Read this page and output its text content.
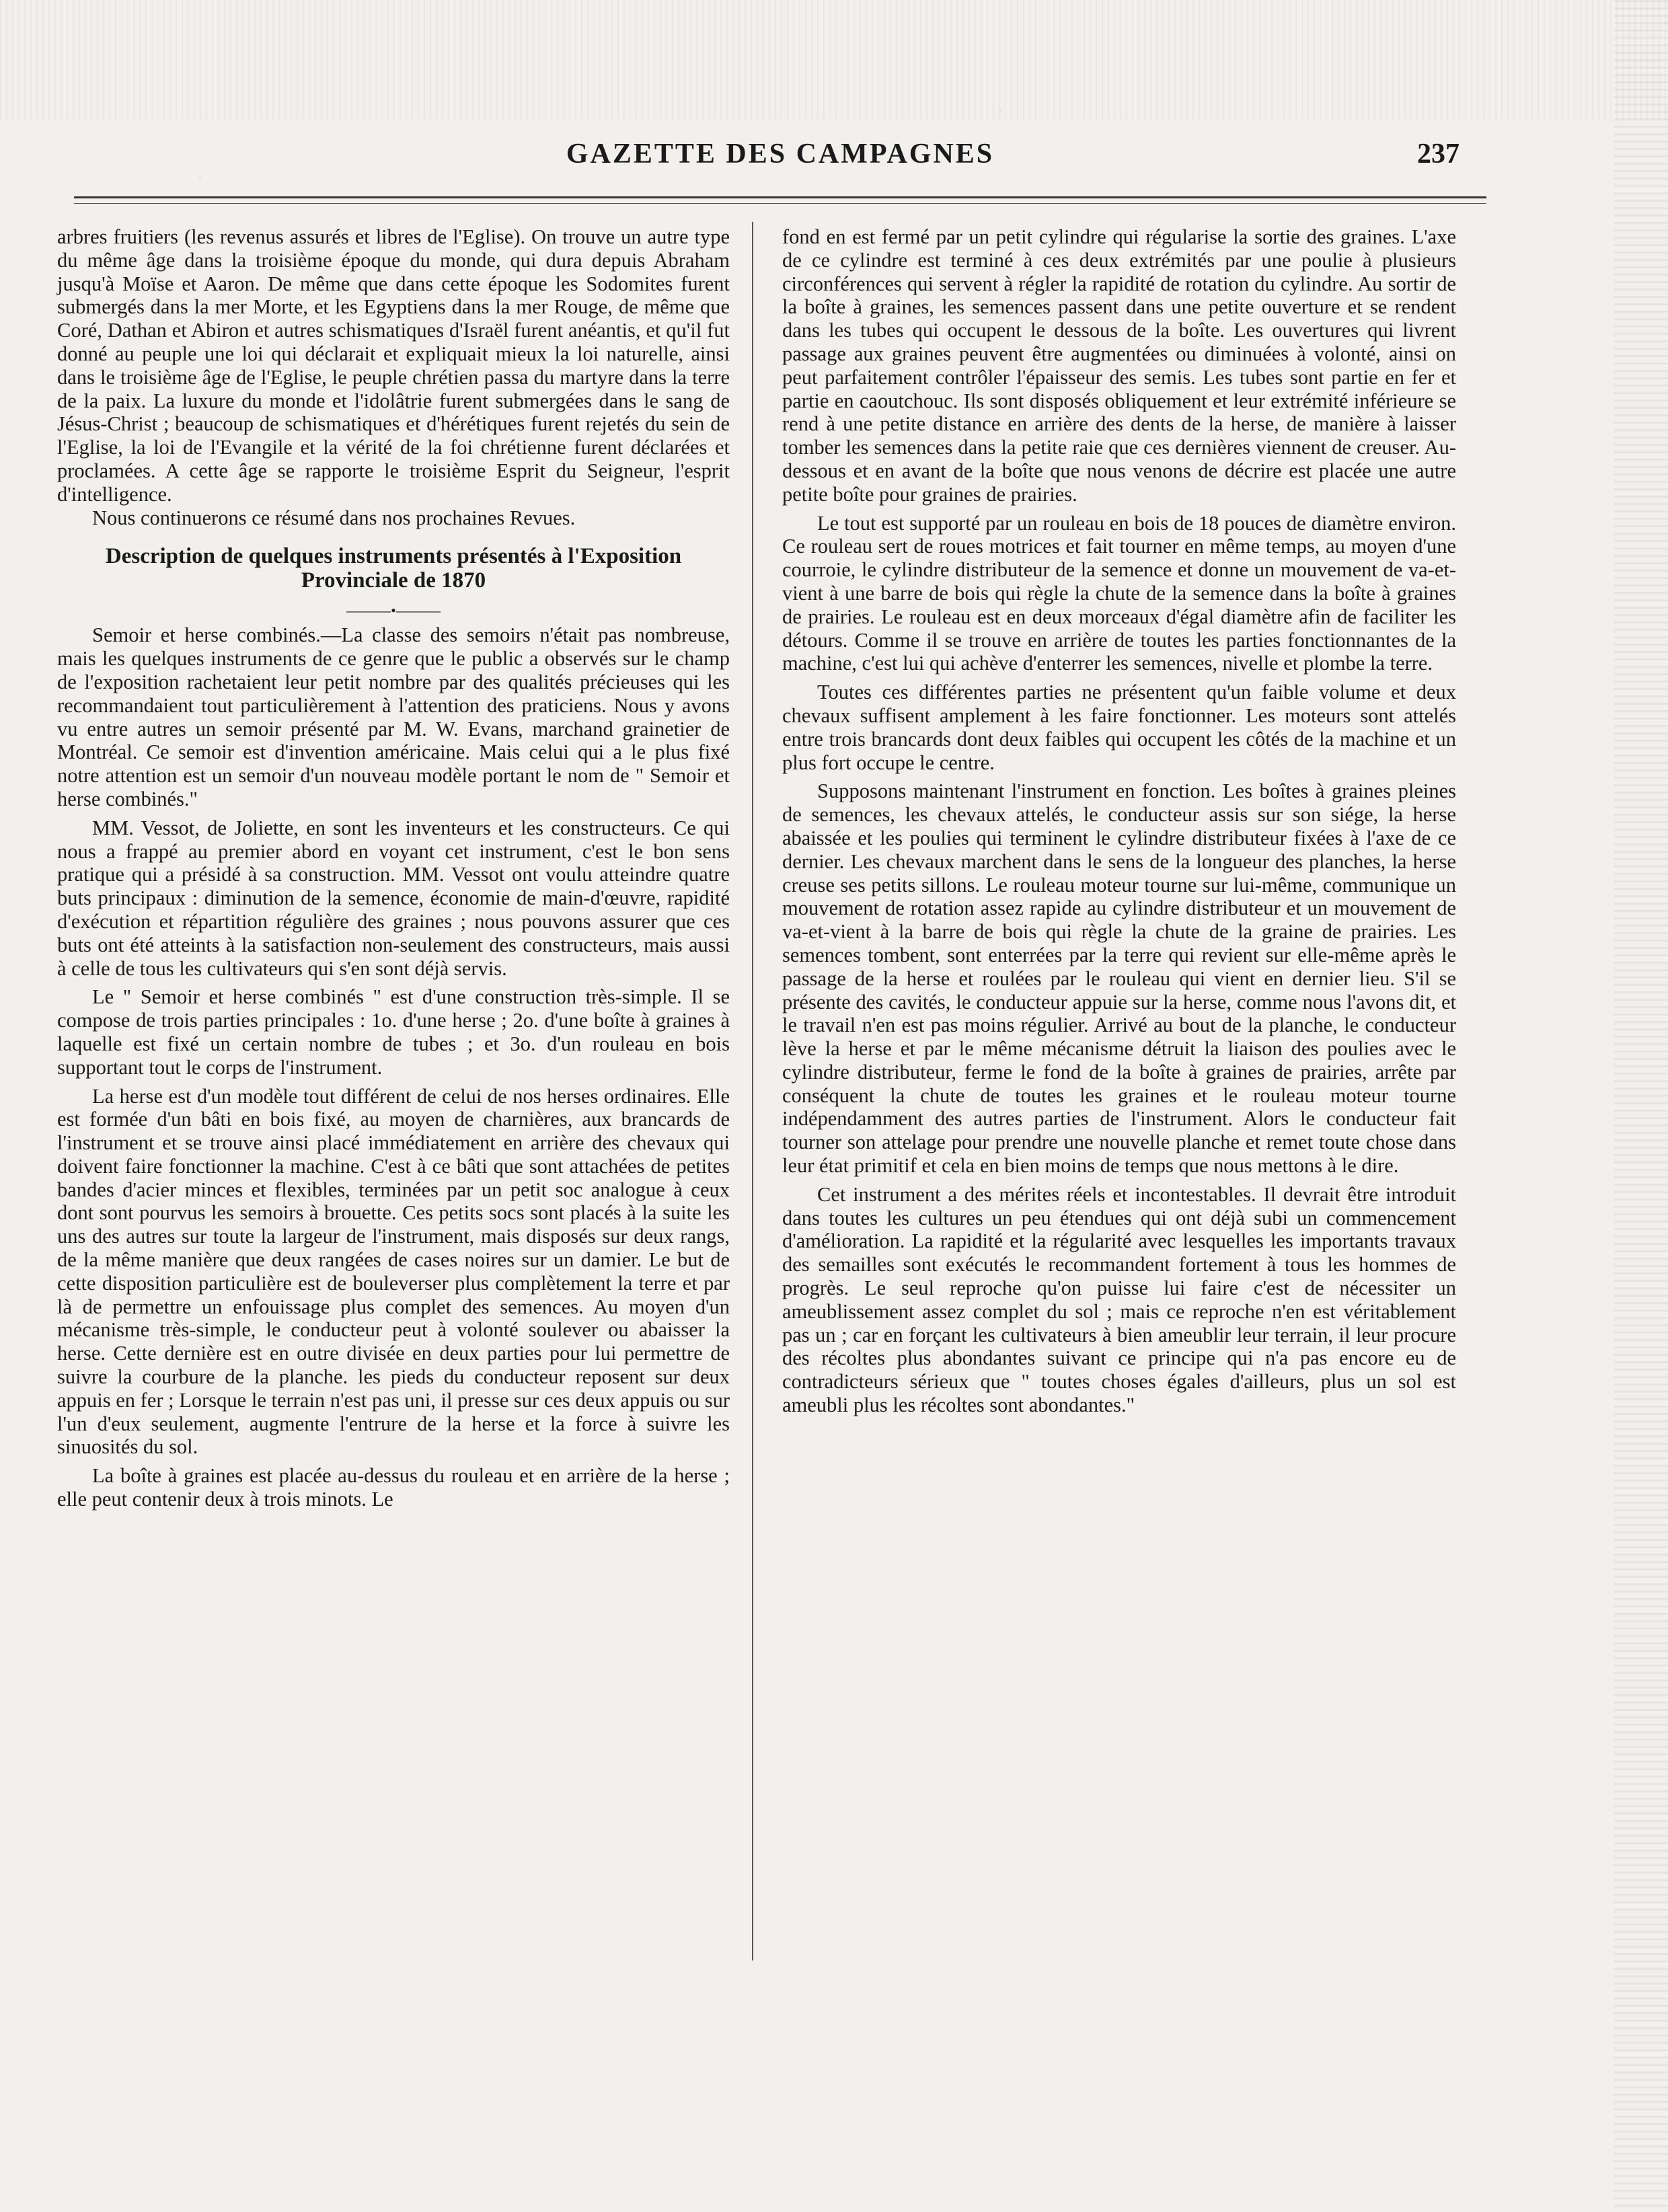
GAZETTE DES CAMPAGNES	237

arbres fruitiers (les revenus assurés et libres de l'Eglise). On trouve un autre type du même âge dans la troisième époque du monde, qui dura depuis Abraham jusqu'à Moïse et Aaron. De même que dans cette époque les Sodomites furent submergés dans la mer Morte, et les Egyptiens dans la mer Rouge, de même que Coré, Dathan et Abiron et autres schismatiques d'Israël furent anéantis, et qu'il fut donné au peuple une loi qui déclarait et expliquait mieux la loi naturelle, ainsi dans le troisième âge de l'Eglise, le peuple chrétien passa du martyre dans la terre de la paix. La luxure du monde et l'idolâtrie furent submergées dans le sang de Jésus-Christ ; beaucoup de schismatiques et d'hérétiques furent rejetés du sein de l'Eglise, la loi de l'Evangile et la vérité de la foi chrétienne furent déclarées et proclamées. A cette âge se rapporte le troisième Esprit du Seigneur, l'esprit d'intelligence.

Nous continuerons ce résumé dans nos prochaines Revues.

Description de quelques instruments présentés à l'Exposition Provinciale de 1870
———•———

Semoir et herse combinés.—La classe des semoirs n'était pas nombreuse, mais les quelques instruments de ce genre que le public a observés sur le champ de l'exposition rachetaient leur petit nombre par des qualités précieuses qui les recommandaient tout particulièrement à l'attention des praticiens. Nous y avons vu entre autres un semoir présenté par M. W. Evans, marchand grainetier de Montréal. Ce semoir est d'invention américaine. Mais celui qui a le plus fixé notre attention est un semoir d'un nouveau modèle portant le nom de " Semoir et herse combinés."

MM. Vessot, de Joliette, en sont les inventeurs et les constructeurs. Ce qui nous a frappé au premier abord en voyant cet instrument, c'est le bon sens pratique qui a présidé à sa construction. MM. Vessot ont voulu atteindre quatre buts principaux : diminution de la semence, économie de main-d'œuvre, rapidité d'exécution et répartition régulière des graines ; nous pouvons assurer que ces buts ont été atteints à la satisfaction non-seulement des constructeurs, mais aussi à celle de tous les cultivateurs qui s'en sont déjà servis.

Le " Semoir et herse combinés " est d'une construction très-simple. Il se compose de trois parties principales : 1o. d'une herse ; 2o. d'une boîte à graines à laquelle est fixé un certain nombre de tubes ; et 3o. d'un rouleau en bois supportant tout le corps de l'instrument.

La herse est d'un modèle tout différent de celui de nos herses ordinaires. Elle est formée d'un bâti en bois fixé, au moyen de charnières, aux brancards de l'instrument et se trouve ainsi placé immédiatement en arrière des chevaux qui doivent faire fonctionner la machine. C'est à ce bâti que sont attachées de petites bandes d'acier minces et flexibles, terminées par un petit soc analogue à ceux dont sont pourvus les semoirs à brouette. Ces petits socs sont placés à la suite les uns des autres sur toute la largeur de l'instrument, mais disposés sur deux rangs, de la même manière que deux rangées de cases noires sur un damier. Le but de cette disposition particulière est de bouleverser plus complètement la terre et par là de permettre un enfouissage plus complet des semences. Au moyen d'un mécanisme très-simple, le conducteur peut à volonté soulever ou abaisser la herse. Cette dernière est en outre divisée en deux parties pour lui permettre de suivre la courbure de la planche. les pieds du conducteur reposent sur deux appuis en fer ; Lorsque le terrain n'est pas uni, il presse sur ces deux appuis ou sur l'un d'eux seulement, augmente l'entrure de la herse et la force à suivre les sinuosités du sol.

La boîte à graines est placée au-dessus du rouleau et en arrière de la herse ; elle peut contenir deux à trois minots. Le

fond en est fermé par un petit cylindre qui régularise la sortie des graines. L'axe de ce cylindre est terminé à ces deux extrémités par une poulie à plusieurs circonférences qui servent à régler la rapidité de rotation du cylindre. Au sortir de la boîte à graines, les semences passent dans une petite ouverture et se rendent dans les tubes qui occupent le dessous de la boîte. Les ouvertures qui livrent passage aux graines peuvent être augmentées ou diminuées à volonté, ainsi on peut parfaitement contrôler l'épaisseur des semis. Les tubes sont partie en fer et partie en caoutchouc. Ils sont disposés obliquement et leur extrémité inférieure se rend à une petite distance en arrière des dents de la herse, de manière à laisser tomber les semences dans la petite raie que ces dernières viennent de creuser. Au-dessous et en avant de la boîte que nous venons de décrire est placée une autre petite boîte pour graines de prairies.

Le tout est supporté par un rouleau en bois de 18 pouces de diamètre environ. Ce rouleau sert de roues motrices et fait tourner en même temps, au moyen d'une courroie, le cylindre distributeur de la semence et donne un mouvement de va-et-vient à une barre de bois qui règle la chute de la semence dans la boîte à graines de prairies. Le rouleau est en deux morceaux d'égal diamètre afin de faciliter les détours. Comme il se trouve en arrière de toutes les parties fonctionnantes de la machine, c'est lui qui achève d'enterrer les semences, nivelle et plombe la terre.

Toutes ces différentes parties ne présentent qu'un faible volume et deux chevaux suffisent amplement à les faire fonctionner. Les moteurs sont attelés entre trois brancards dont deux faibles qui occupent les côtés de la machine et un plus fort occupe le centre.

Supposons maintenant l'instrument en fonction. Les boîtes à graines pleines de semences, les chevaux attelés, le conducteur assis sur son siége, la herse abaissée et les poulies qui terminent le cylindre distributeur fixées à l'axe de ce dernier. Les chevaux marchent dans le sens de la longueur des planches, la herse creuse ses petits sillons. Le rouleau moteur tourne sur lui-même, communique un mouvement de rotation assez rapide au cylindre distributeur et un mouvement de va-et-vient à la barre de bois qui règle la chute de la graine de prairies. Les semences tombent, sont enterrées par la terre qui revient sur elle-même après le passage de la herse et roulées par le rouleau qui vient en dernier lieu. S'il se présente des cavités, le conducteur appuie sur la herse, comme nous l'avons dit, et le travail n'en est pas moins régulier. Arrivé au bout de la planche, le conducteur lève la herse et par le même mécanisme détruit la liaison des poulies avec le cylindre distributeur, ferme le fond de la boîte à graines de prairies, arrête par conséquent la chute de toutes les graines et le rouleau moteur tourne indépendamment des autres parties de l'instrument. Alors le conducteur fait tourner son attelage pour prendre une nouvelle planche et remet toute chose dans leur état primitif et cela en bien moins de temps que nous mettons à le dire.

Cet instrument a des mérites réels et incontestables. Il devrait être introduit dans toutes les cultures un peu étendues qui ont déjà subi un commencement d'amélioration. La rapidité et la régularité avec lesquelles les importants travaux des semailles sont exécutés le recommandent fortement à tous les hommes de progrès. Le seul reproche qu'on puisse lui faire c'est de nécessiter un ameublissement assez complet du sol ; mais ce reproche n'en est véritablement pas un ; car en forçant les cultivateurs à bien ameublir leur terrain, il leur procure des récoltes plus abondantes suivant ce principe qui n'a pas encore eu de contradicteurs sérieux que " toutes choses égales d'ailleurs, plus un sol est ameubli plus les récoltes sont abondantes."
